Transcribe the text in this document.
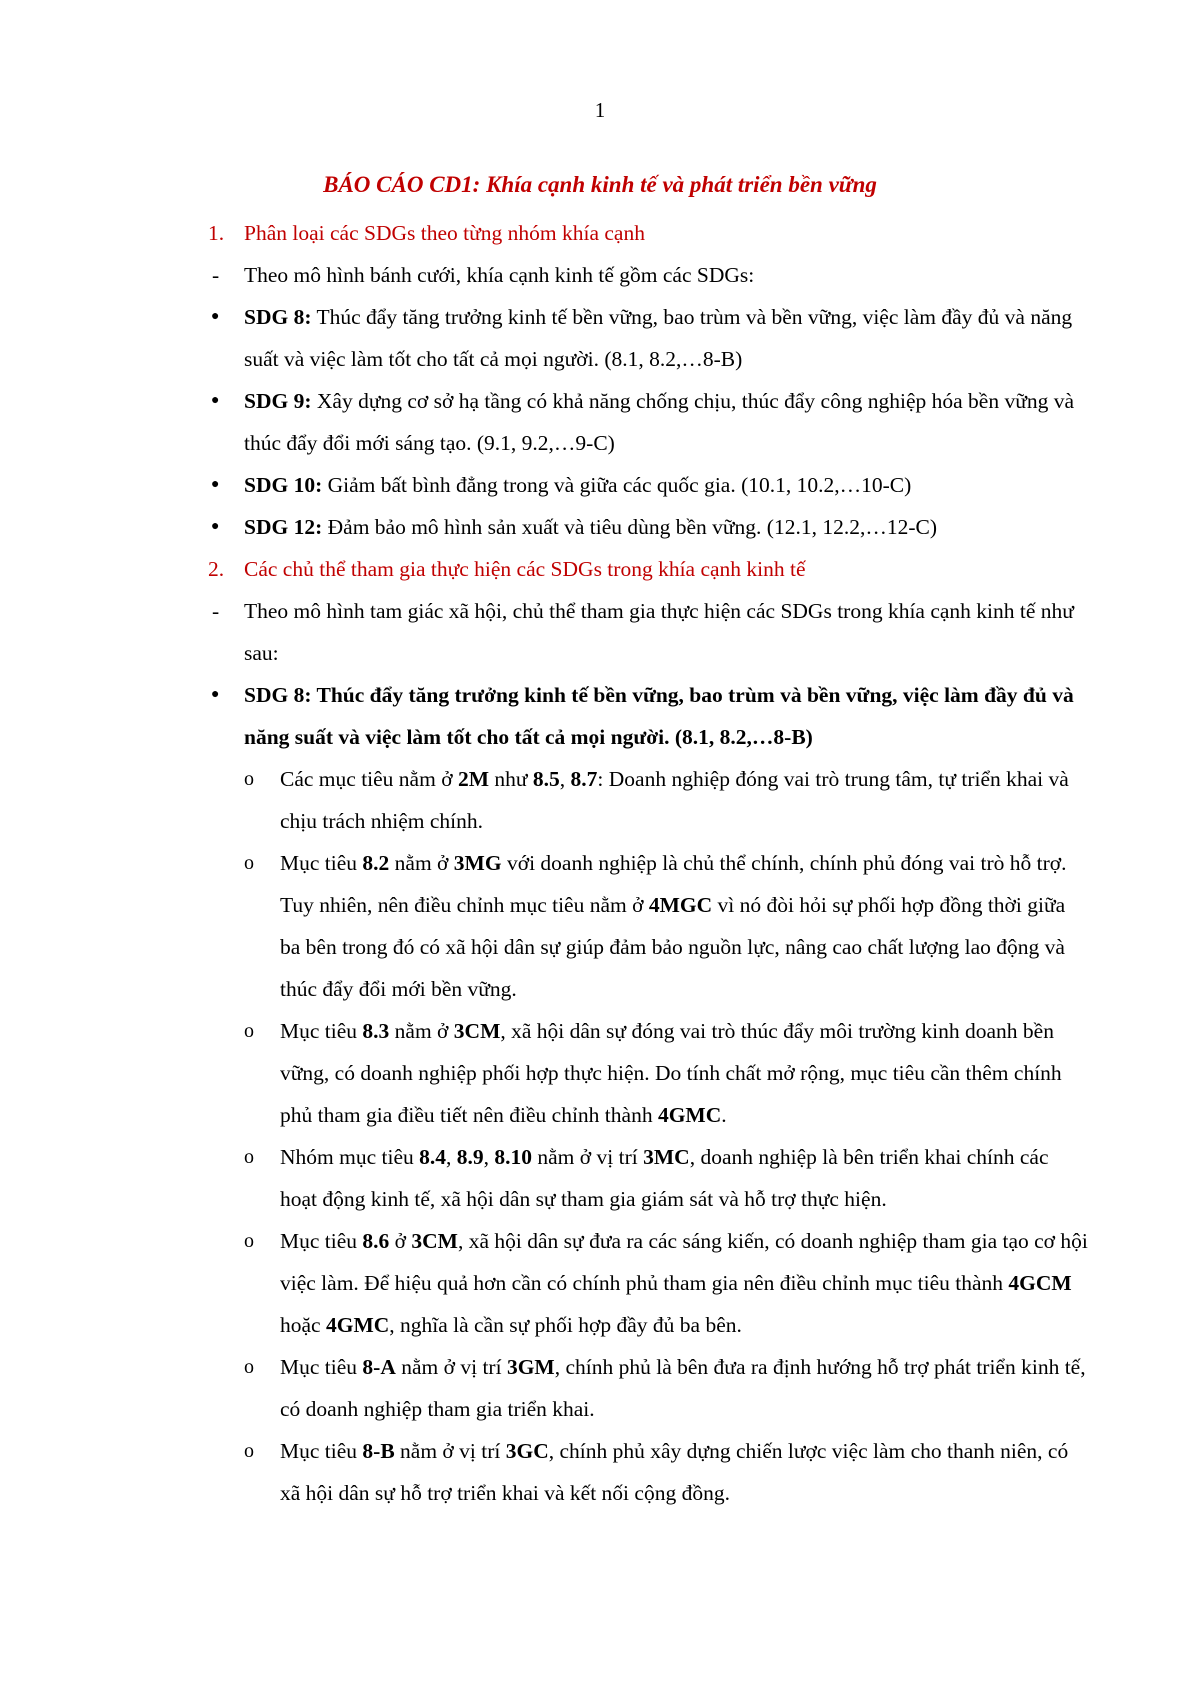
1
BÁO CÁO CD1: Khía cạnh kinh tế và phát triển bền vững
1. Phân loại các SDGs theo từng nhóm khía cạnh
- Theo mô hình bánh cưới, khía cạnh kinh tế gồm các SDGs:
● SDG 8: Thúc đẩy tăng trưởng kinh tế bền vững, bao trùm và bền vững, việc làm đầy đủ và năng suất và việc làm tốt cho tất cả mọi người. (8.1, 8.2,…8-B)
● SDG 9: Xây dựng cơ sở hạ tầng có khả năng chống chịu, thúc đẩy công nghiệp hóa bền vững và thúc đẩy đổi mới sáng tạo. (9.1, 9.2,…9-C)
● SDG 10: Giảm bất bình đẳng trong và giữa các quốc gia. (10.1, 10.2,…10-C)
● SDG 12: Đảm bảo mô hình sản xuất và tiêu dùng bền vững. (12.1, 12.2,…12-C)
2. Các chủ thể tham gia thực hiện các SDGs trong khía cạnh kinh tế
- Theo mô hình tam giác xã hội, chủ thể tham gia thực hiện các SDGs trong khía cạnh kinh tế như sau:
● SDG 8: Thúc đẩy tăng trưởng kinh tế bền vững, bao trùm và bền vững, việc làm đầy đủ và năng suất và việc làm tốt cho tất cả mọi người. (8.1, 8.2,…8-B)
o Các mục tiêu nằm ở 2M như 8.5, 8.7: Doanh nghiệp đóng vai trò trung tâm, tự triển khai và chịu trách nhiệm chính.
o Mục tiêu 8.2 nằm ở 3MG với doanh nghiệp là chủ thể chính, chính phủ đóng vai trò hỗ trợ. Tuy nhiên, nên điều chỉnh mục tiêu nằm ở 4MGC vì nó đòi hỏi sự phối hợp đồng thời giữa ba bên trong đó có xã hội dân sự giúp đảm bảo nguồn lực, nâng cao chất lượng lao động và thúc đẩy đổi mới bền vững.
o Mục tiêu 8.3 nằm ở 3CM, xã hội dân sự đóng vai trò thúc đẩy môi trường kinh doanh bền vững, có doanh nghiệp phối hợp thực hiện. Do tính chất mở rộng, mục tiêu cần thêm chính phủ tham gia điều tiết nên điều chỉnh thành 4GMC.
o Nhóm mục tiêu 8.4, 8.9, 8.10 nằm ở vị trí 3MC, doanh nghiệp là bên triển khai chính các hoạt động kinh tế, xã hội dân sự tham gia giám sát và hỗ trợ thực hiện.
o Mục tiêu 8.6 ở 3CM, xã hội dân sự đưa ra các sáng kiến, có doanh nghiệp tham gia tạo cơ hội việc làm. Để hiệu quả hơn cần có chính phủ tham gia nên điều chỉnh mục tiêu thành 4GCM hoặc 4GMC, nghĩa là cần sự phối hợp đầy đủ ba bên.
o Mục tiêu 8-A nằm ở vị trí 3GM, chính phủ là bên đưa ra định hướng hỗ trợ phát triển kinh tế, có doanh nghiệp tham gia triển khai.
o Mục tiêu 8-B nằm ở vị trí 3GC, chính phủ xây dựng chiến lược việc làm cho thanh niên, có xã hội dân sự hỗ trợ triển khai và kết nối cộng đồng.
